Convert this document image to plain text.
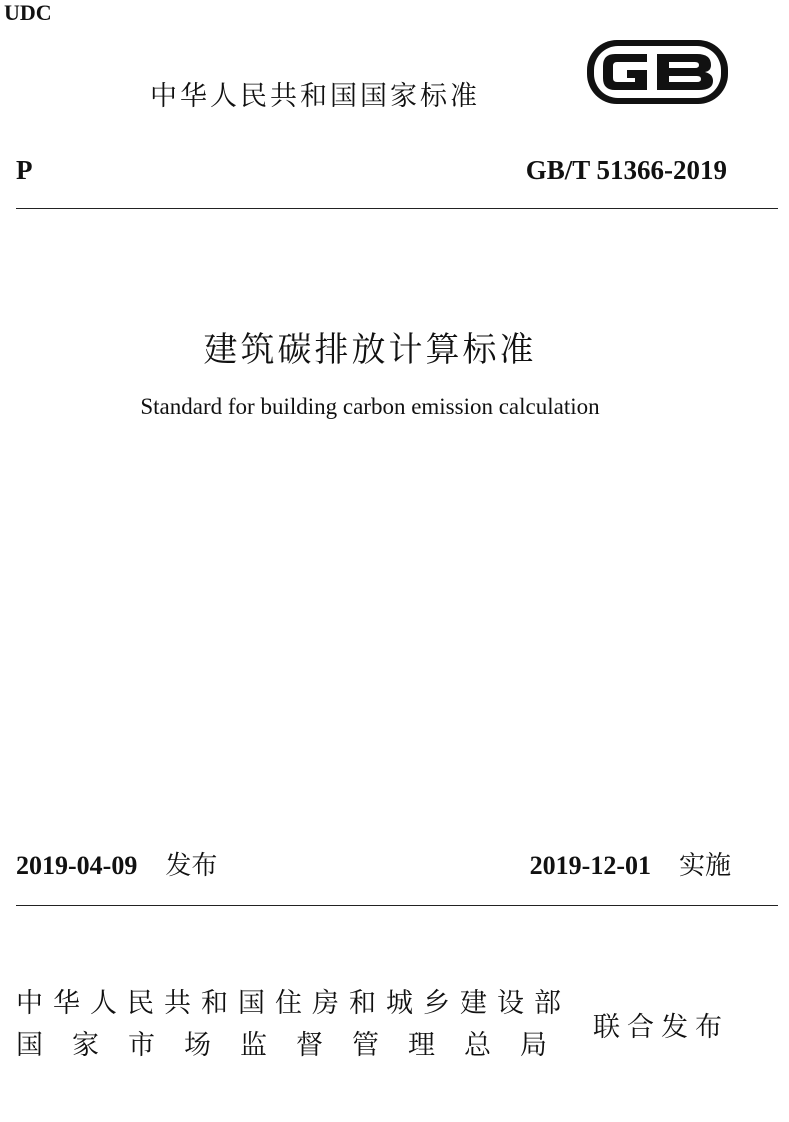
UDC
中华人民共和国国家标准
P	GB/T 51366-2019
建筑碳排放计算标准
Standard for building carbon emission calculation
2019-04-09 发布	2019-12-01 实施
中华人民共和国住房和城乡建设部
国家市场监督管理总局
联合发布
